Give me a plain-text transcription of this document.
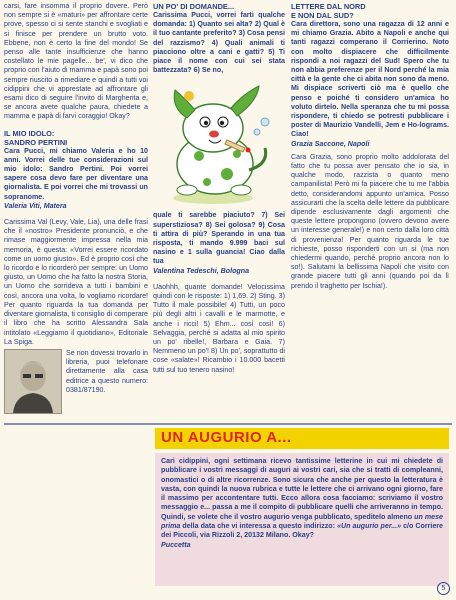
carsi, fare insomma il proprio dovere. Però non sempre si è «maturi» per affrontare certe prove, spesso ci si sente stanchi e svogliati e si finisce per prendere un brutto voto. Ebbene, non è certo la fine del mondo! Se penso alle tante insufficienze che hanno costellato le mie pagelle... be', vi dico che proprio con l'aiuto di mamma e papà sono poi sempre riuscito a rimediare e quindi a tutti voi cidippini che vi apprestate ad affrontare gli esami dico di seguire l'invito di Margherita e, se ancora avete qualche paura, chiedete a mamma e papà di farvi coraggio! Okay?

IL MIO IDOLO:
SANDRO PERTINI

Cara Pucci, mi chiamo Valeria e ho 10 anni. Vorrei delle tue considerazioni sul mio idolo: Sandro Pertini. Poi vorrei sapere cosa devo fare per diventare una giornalista. E poi vorrei che mi trovassi un sopranome.

Valeria Viti, Matera

Carissima Val (Levy, Vale, Lia), una delle frasi che il «nostro» Presidente pronunciò, e che rimase maggiormente impressa nella mia memoria, è questa: «Vorrei essere ricordato come un uomo giusto». Ed è proprio così che lo ricordo e lo ricorderò per sempre: un Uomo giusto, un Uomo che ha fatto la nostra Storia, un Uomo che sorrideva a tutti i bambini e così, ancora una volta, lo vogliamo ricordare! Per quanto riguarda la tua domanda per diventare giornalista, ti consiglio di comperare il libro che ha scritto Alessandra Sala intitolato «Leggiamo il quotidiano», Editoriale La Spiga.

Se non dovessi trovarlo in libreria, puoi telefonare direttamente alla casa editrice a questo numero: 0381/87190.

UN PO' DI DOMANDE...

Carissima Pucci, vorrei farti qualche domanda: 1) Quanto sei alta? 2) Qual è il tuo cantante preferito? 3) Cosa pensi del razzismo? 4) Quali animali ti piacciono oltre a cani e gatti? 5) Ti piace il nome con cui sei stata battezzata? 6) Se no,

quale ti sarebbe piaciuto? 7) Sei superstiziosa? 8) Sei golosa? 9) Cosa ti attira di più? Sperando in una tua risposta, ti mando 9.999 baci sul nasino e 1 sulla guancia! Ciao dalla tua

Valentina Tedeschi, Bologna

Uaohhh, quante domande! Velocissima quindi con le risposte: 1) 1,69. 2) Sting. 3) Tutto il male possibile! 4) Tutti, un poco più degli altri i cavalli e le marmotte, e anche i ricci! 5) Ehm... così così! 6) Selvaggia, perché si adatta al mio spirito un po' ribelle!, Barbara e Gaia. 7) Nemmeno un po'! 8) Un po', soprattutto di cose «salate»! Ricambio i 10.000 bacetti tutti sul tuo tenero nasino!

LETTERE DAL NORD
E NON DAL SUD?

Cara direttora, sono una ragazza di 12 anni e mi chiamo Grazia. Abito a Napoli e anche qui tanti ragazzi comperano il Corrierino. Noto con molto dispiacere che difficilmente rispondi a noi ragazzi del Sud! Spero che tu non abbia preferenze per il Nord perché la mia città e la gente che ci abita non sono da meno. Mi dispiace scriverti ciò ma è quello che penso e poiché ti considero un'amica ho voluto dirtelo. Nella speranza che tu mi possa rispondere, ti chiedo se potresti pubblicare i poster di Maurizio Vandelli, Jem e Ho-lograms. Ciao!

Grazia Saccone, Napoli

Cara Grazia, sono proprio molto addolorata del fatto che tu possa aver pensato che io sia, in qualche modo, razzista o quanto meno campanilista! Però mi fa piacere che tu me l'abbia detto, considerandomi appunto un'amica. Posso assicurarti che la scelta delle lettere da pubblicare dipende esclusivamente dagli argomenti che queste lettere propongono (ovvero devono avere un interesse generale!) e non certo dalla loro città di provenienza! Per quanto riguarda le tue richieste, posso risponderti con un sì (ma non chiedermi quando, perché proprio ancora non lo so!). Salutami la bellissima Napoli che visito con grande piacere tutti gli anni (quando poi da lì prendo il traghetto per Ischia!).

UN AUGURIO A...

Cari cidippini, ogni settimana ricevo tantissime letterine in cui mi chiedete di pubblicare i vostri messaggi di auguri ai vostri cari, sia che si tratti di compleanni, onomastici o di altre ricorrenze. Sono sicura che anche per questo la letteratura è vasta, con quindi la nuova rubrica e tutte le lettere che ci arrivano ogni giorno, fare il massimo per accontentare tutti. Ecco allora cosa facciamo: scriviamo il vostro messaggio e... passa a me il compito di pubblicare quelli che arriveranno in tempo. Quindi, se volete che il vostro augurio venga pubblicato, speditelo almeno un mese prima della data che vi interessa a questo indirizzo: «Un augurio per...» c/o Corriere dei Piccoli, via Rizzoli 2, 20132 Milano. Okay?

Puccetta

5
